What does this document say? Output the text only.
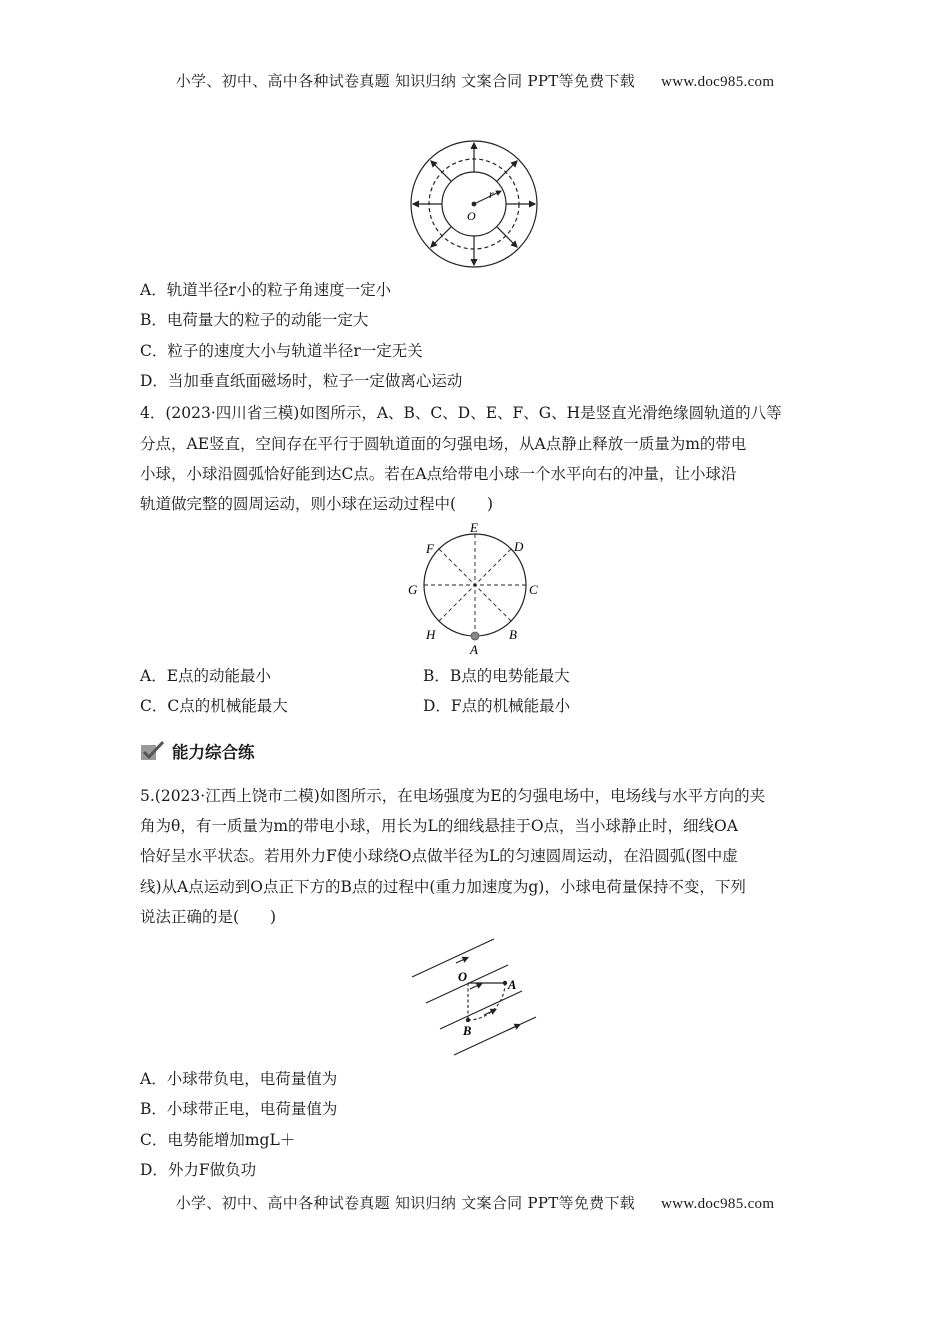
小学、初中、高中各种试卷真题 知识归纳 文案合同 PPT等免费下载 www.doc985.com
r
O
A．轨道半径r小的粒子角速度一定小
B．电荷量大的粒子的动能一定大
C．粒子的速度大小与轨道半径r一定无关
D．当加垂直纸面磁场时，粒子一定做离心运动
4．(2023·四川省三模)如图所示，A、B、C、D、E、F、G、H是竖直光滑绝缘圆轨道的八等
分点，AE竖直，空间存在平行于圆轨道面的匀强电场，从A点静止释放一质量为m的带电
小球，小球沿圆弧恰好能到达C点。若在A点给带电小球一个水平向右的冲量，让小球沿
轨道做完整的圆周运动，则小球在运动过程中(　　)
E
D
F
G	C
H	B
A
A．E点的动能最小	B．B点的电势能最大
C．C点的机械能最大	D．F点的机械能最小
能力综合练
5.(2023·江西上饶市二模)如图所示，在电场强度为E的匀强电场中，电场线与水平方向的夹
角为θ，有一质量为m的带电小球，用长为L的细线悬挂于O点，当小球静止时，细线OA
恰好呈水平状态。若用外力F使小球绕O点做半径为L的匀速圆周运动，在沿圆弧(图中虚
线)从A点运动到O点正下方的B点的过程中(重力加速度为g)，小球电荷量保持不变，下列
说法正确的是(　　)
O
A
B
A．小球带负电，电荷量值为
B．小球带正电，电荷量值为
C．电势能增加mgL＋
D．外力F做负功
小学、初中、高中各种试卷真题 知识归纳 文案合同 PPT等免费下载 www.doc985.com
